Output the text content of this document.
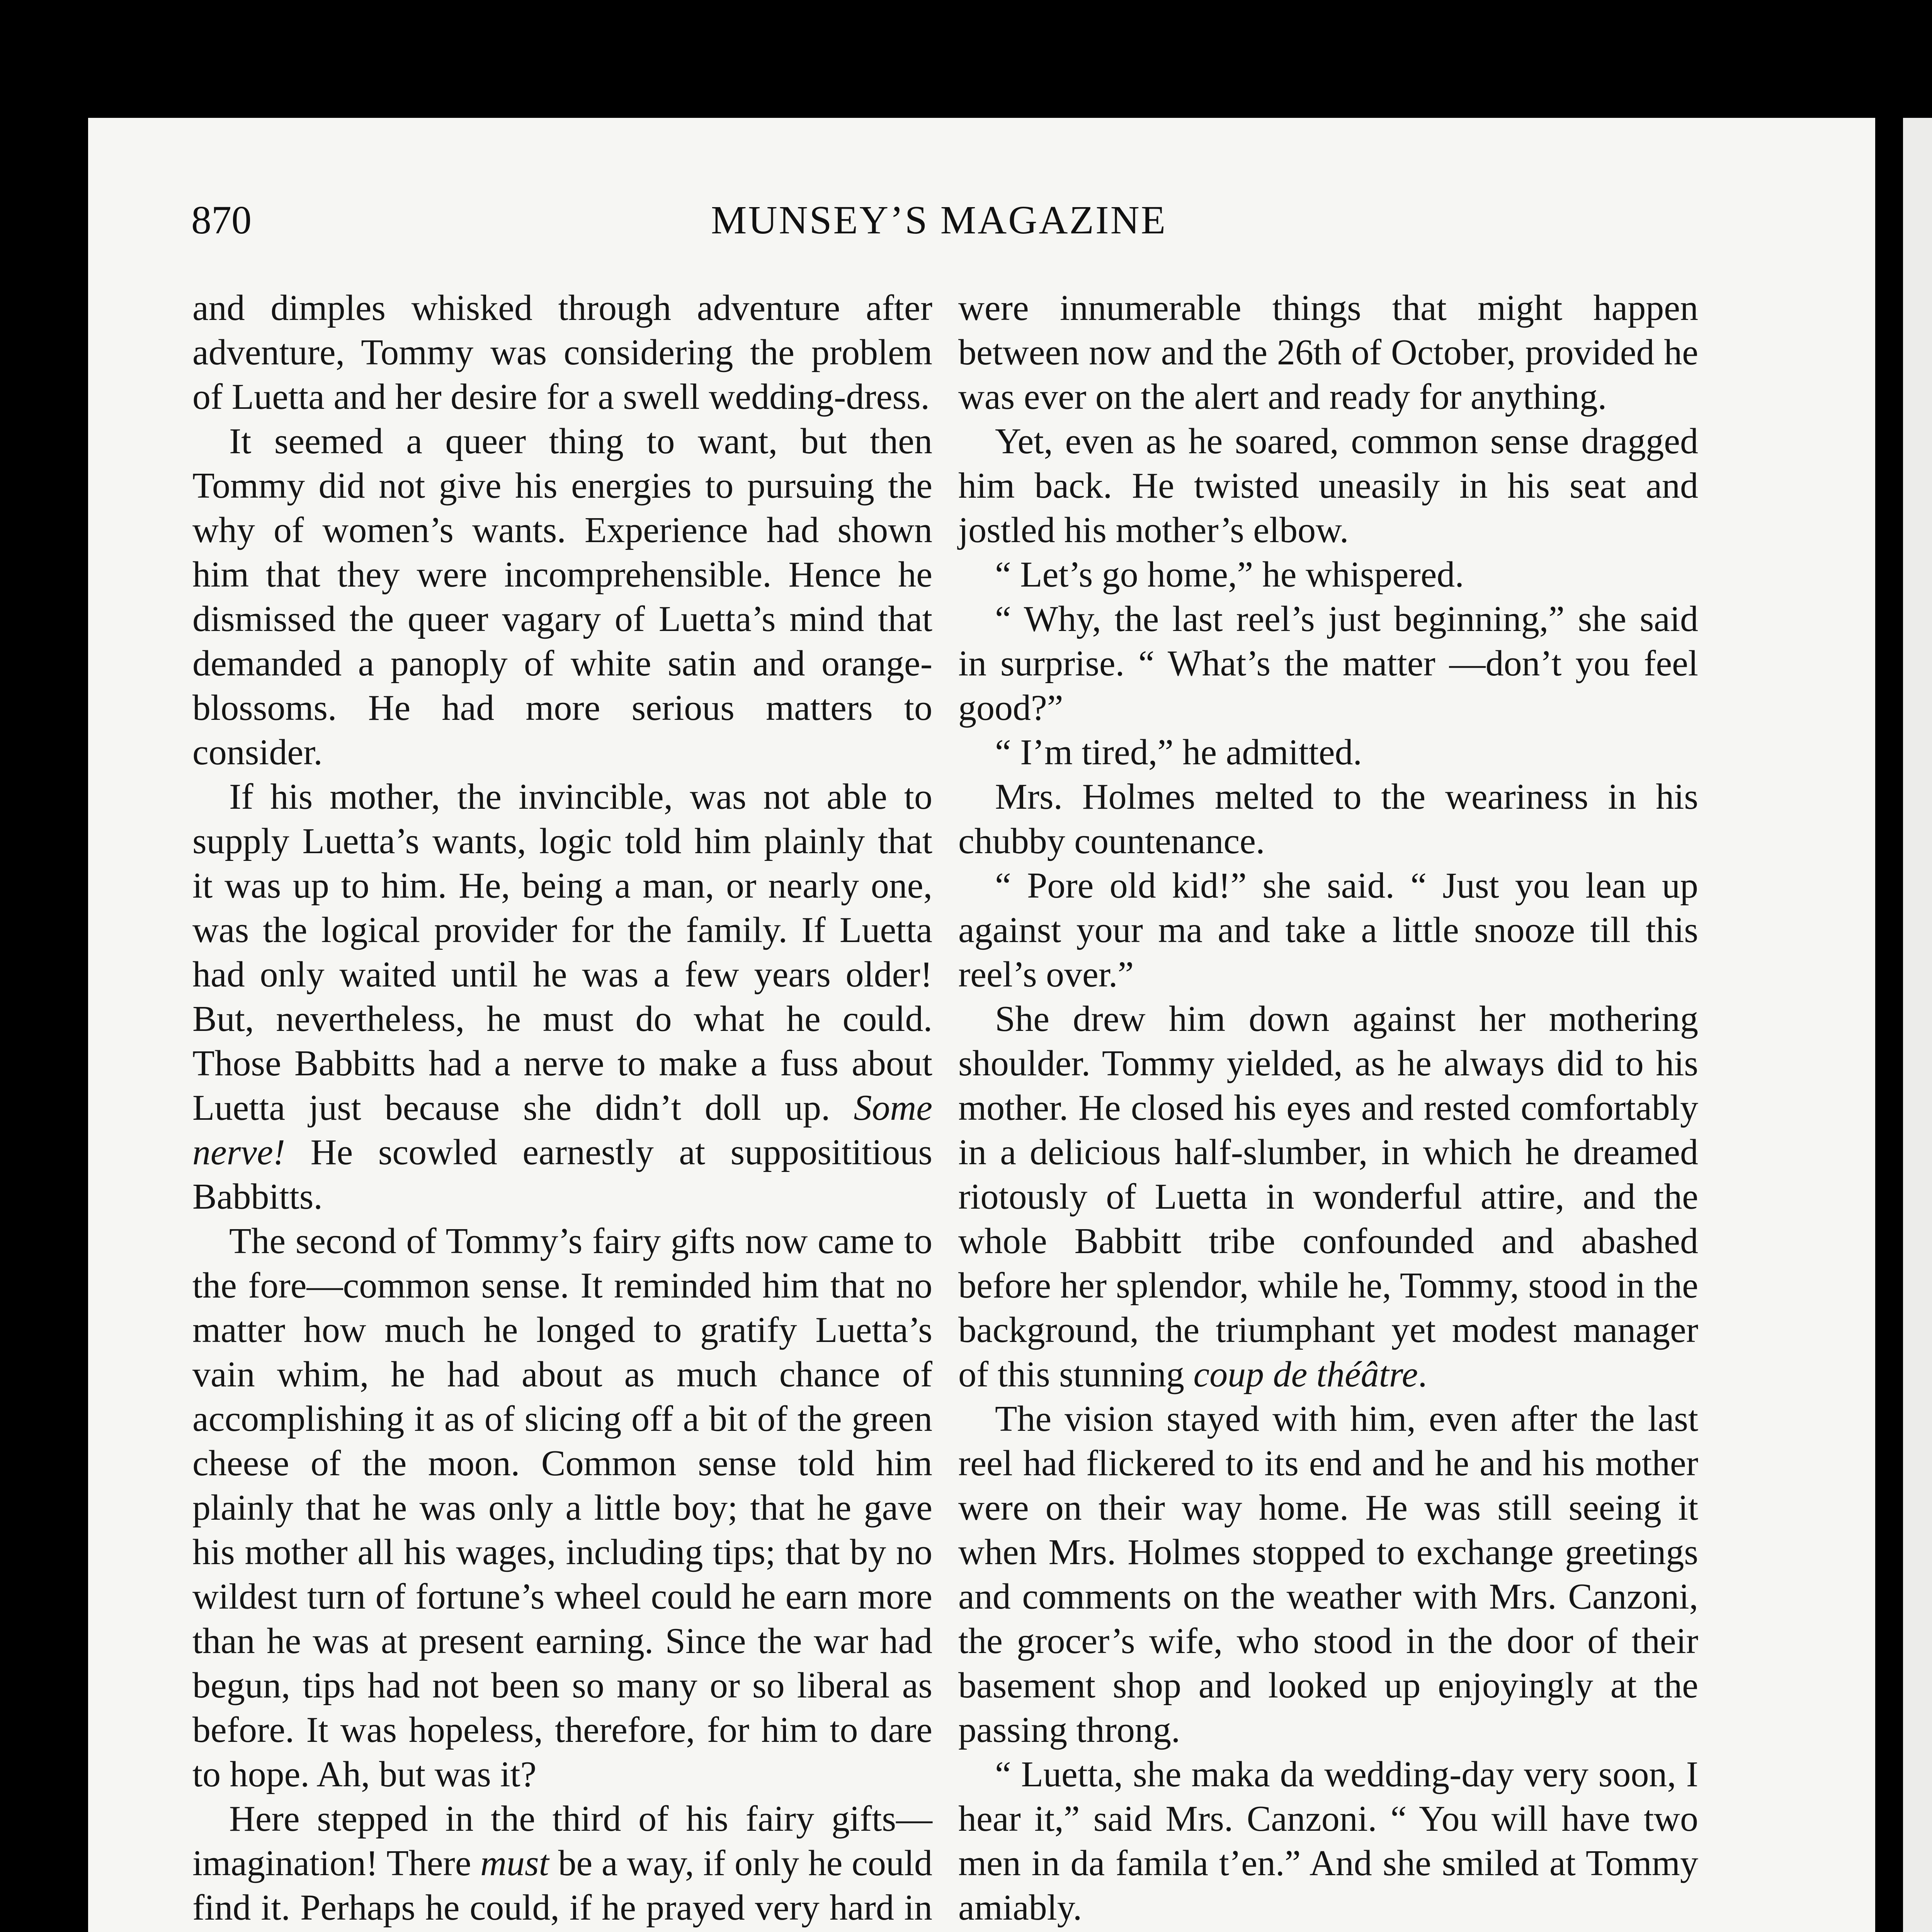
870	MUNSEY’S MAGAZINE

and dimples whisked through adventure after adventure, Tommy was considering the problem of Luetta and her desire for a swell wedding-dress.

It seemed a queer thing to want, but then Tommy did not give his energies to pursuing the why of women’s wants. Experience had shown him that they were incomprehensible. Hence he dismissed the queer vagary of Luetta’s mind that demanded a panoply of white satin and orange-blossoms. He had more serious matters to consider.

If his mother, the invincible, was not able to supply Luetta’s wants, logic told him plainly that it was up to him. He, being a man, or nearly one, was the logical provider for the family. If Luetta had only waited until he was a few years older! But, nevertheless, he must do what he could. Those Babbitts had a nerve to make a fuss about Luetta just because she didn’t doll up. Some nerve! He scowled earnestly at supposititious Babbitts.

The second of Tommy’s fairy gifts now came to the fore—common sense. It reminded him that no matter how much he longed to gratify Luetta’s vain whim, he had about as much chance of accomplishing it as of slicing off a bit of the green cheese of the moon. Common sense told him plainly that he was only a little boy; that he gave his mother all his wages, including tips; that by no wildest turn of fortune’s wheel could he earn more than he was at present earning. Since the war had begun, tips had not been so many or so liberal as before. It was hopeless, therefore, for him to dare to hope. Ah, but was it?

Here stepped in the third of his fairy gifts—imagination! There must be a way, if only he could find it. Perhaps he could, if he prayed very hard in

were innumerable things that might happen between now and the 26th of October, provided he was ever on the alert and ready for anything.

Yet, even as he soared, common sense dragged him back. He twisted uneasily in his seat and jostled his mother’s elbow.

“ Let’s go home,” he whispered.

“ Why, the last reel’s just beginning,” she said in surprise. “ What’s the matter —don’t you feel good?”

“ I’m tired,” he admitted.

Mrs. Holmes melted to the weariness in his chubby countenance.

“ Pore old kid!” she said. “ Just you lean up against your ma and take a little snooze till this reel’s over.”

She drew him down against her mothering shoulder. Tommy yielded, as he always did to his mother. He closed his eyes and rested comfortably in a delicious half-slumber, in which he dreamed riotously of Luetta in wonderful attire, and the whole Babbitt tribe confounded and abashed before her splendor, while he, Tommy, stood in the background, the triumphant yet modest manager of this stunning coup de théâtre.

The vision stayed with him, even after the last reel had flickered to its end and he and his mother were on their way home. He was still seeing it when Mrs. Holmes stopped to exchange greetings and comments on the weather with Mrs. Canzoni, the grocer’s wife, who stood in the door of their basement shop and looked up enjoyingly at the passing throng.

“ Luetta, she maka da wedding-day very soon, I hear it,” said Mrs. Canzoni. “ You will have two men in da famila t’en.” And she smiled at Tommy amiably.
